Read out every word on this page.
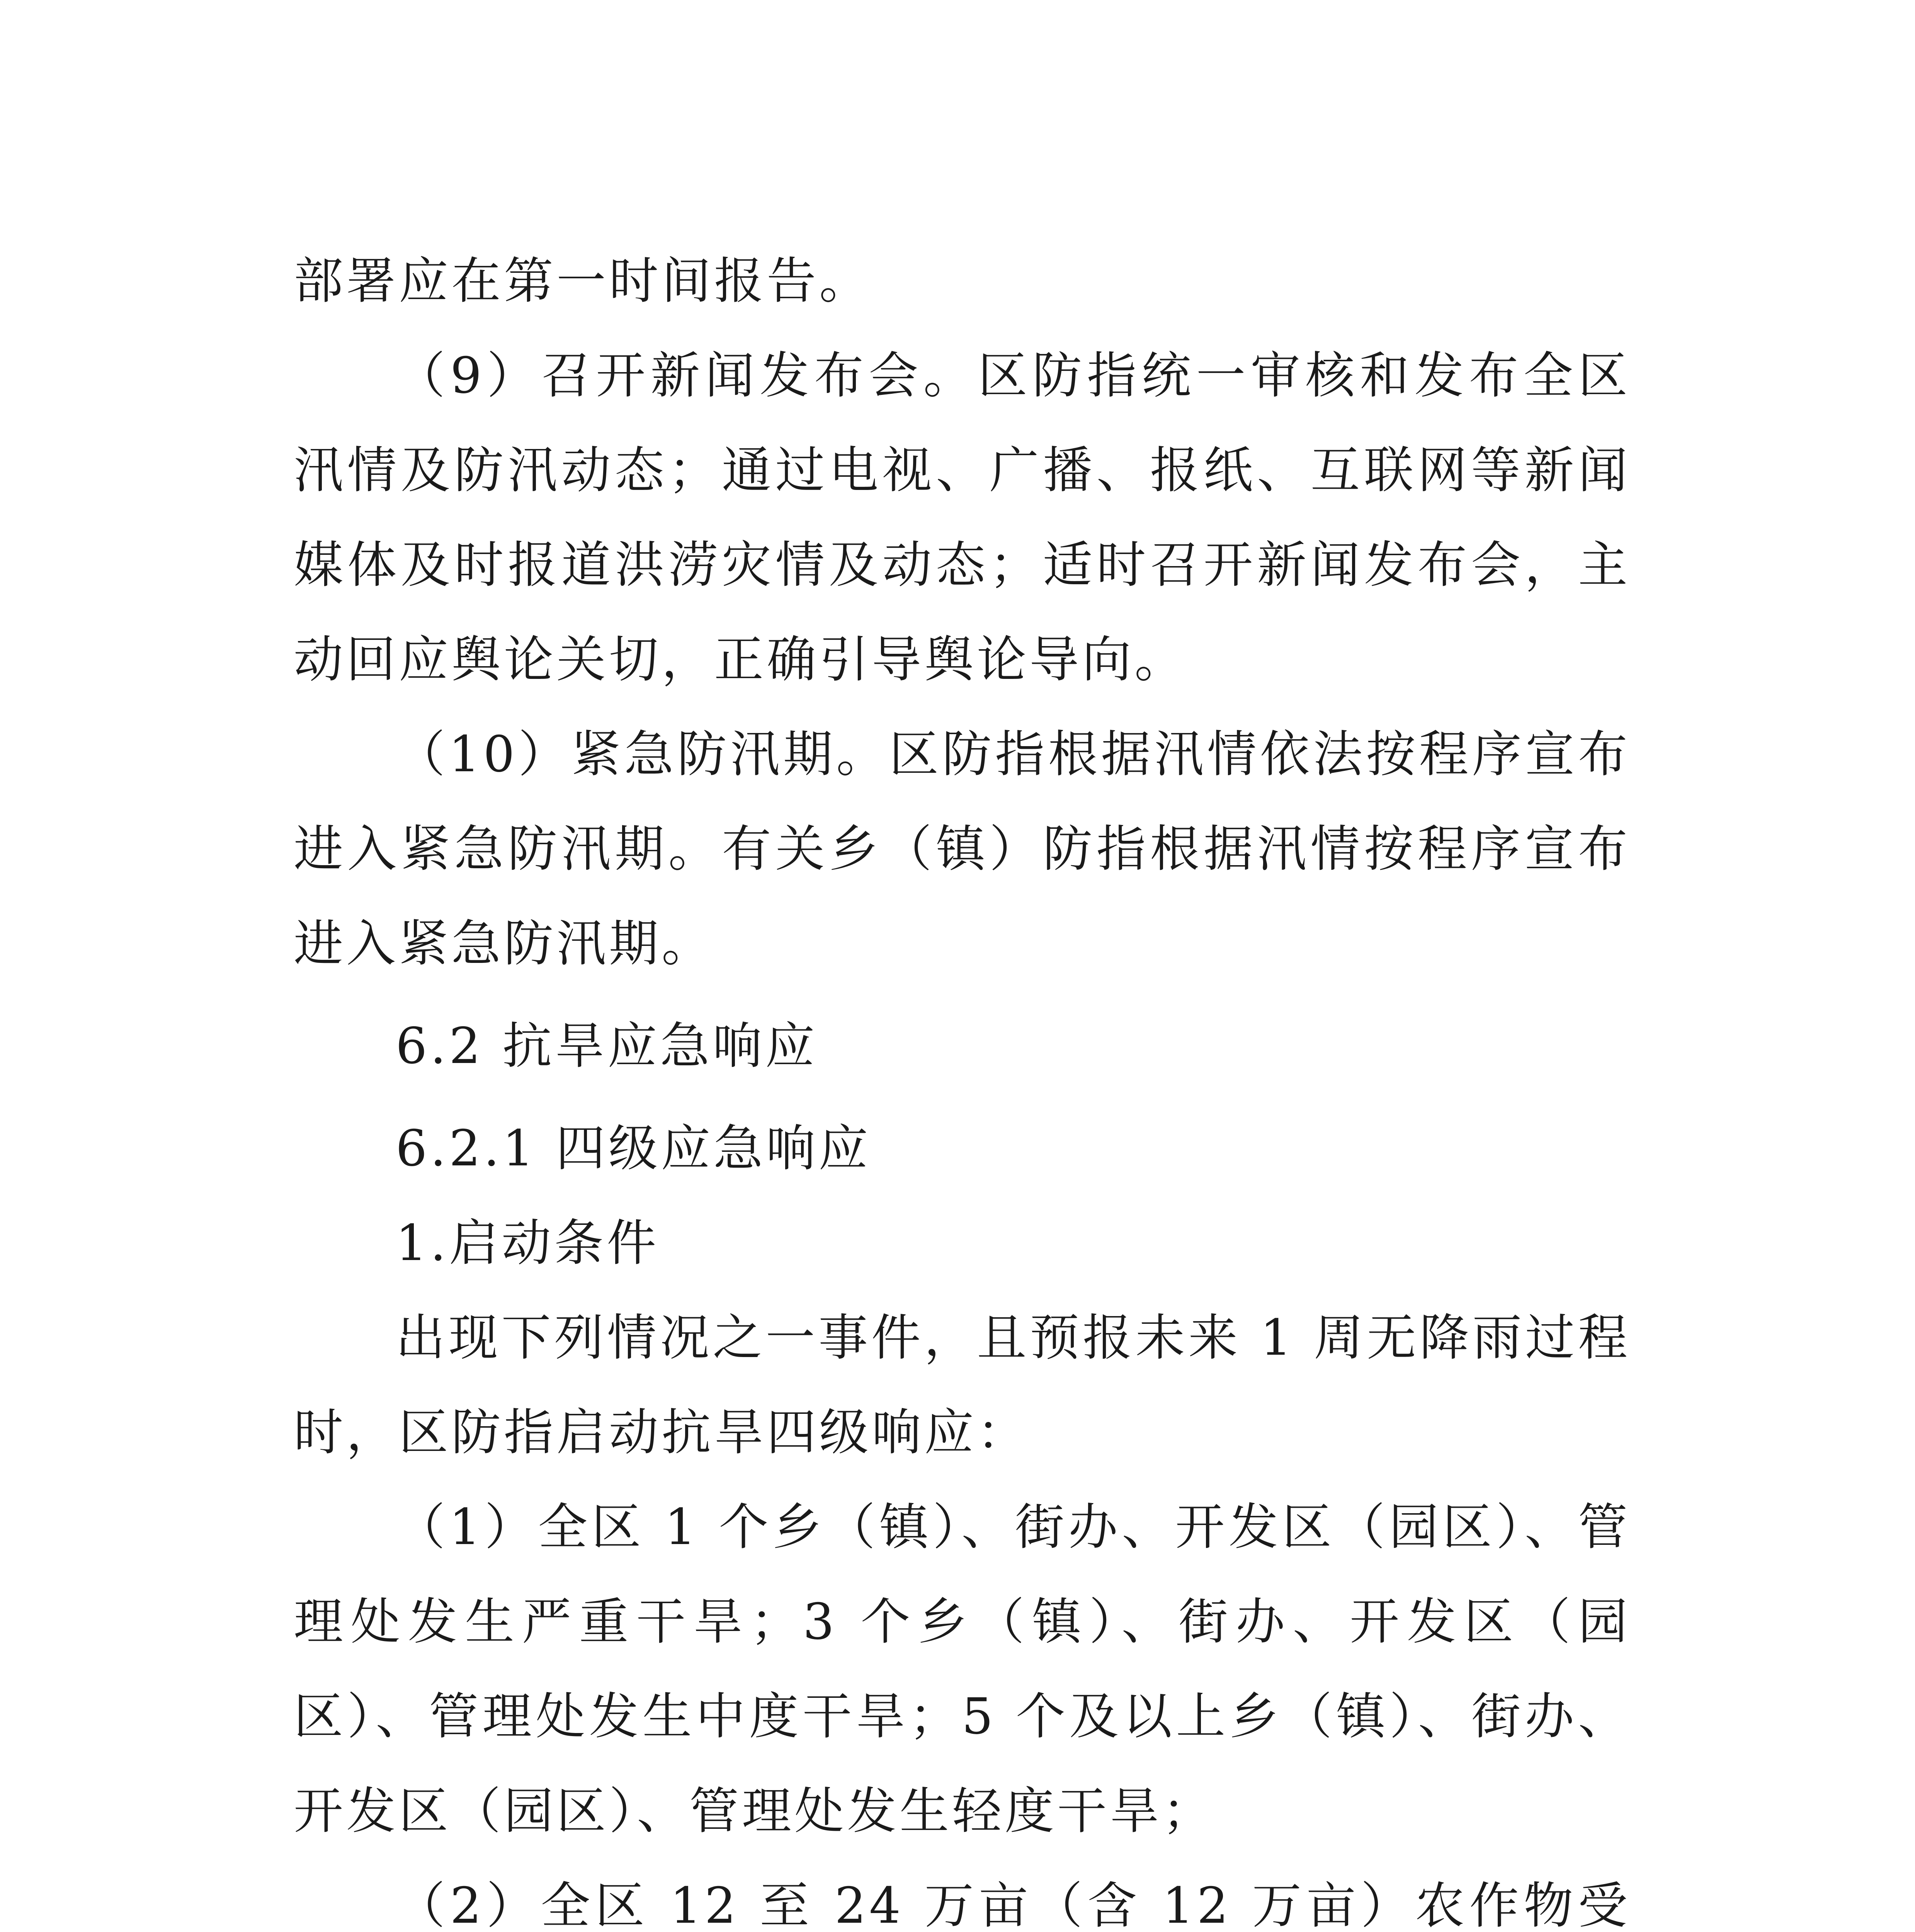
部署应在第一时间报告。

（9）召开新闻发布会。区防指统一审核和发布全区汛情及防汛动态；通过电视、广播、报纸、互联网等新闻媒体及时报道洪涝灾情及动态；适时召开新闻发布会，主动回应舆论关切，正确引导舆论导向。

（10）紧急防汛期。区防指根据汛情依法按程序宣布进入紧急防汛期。有关乡（镇）防指根据汛情按程序宣布进入紧急防汛期。

6.2 抗旱应急响应

6.2.1 四级应急响应

1.启动条件

出现下列情况之一事件，且预报未来 1 周无降雨过程时，区防指启动抗旱四级响应：

（1）全区 1 个乡（镇）、街办、开发区（园区）、管理处发生严重干旱；3 个乡（镇）、街办、开发区（园区）、管理处发生中度干旱；5 个及以上乡（镇）、街办、开发区（园区）、管理处发生轻度干旱；

（2）全区 12 至 24 万亩（含 12 万亩）农作物受
